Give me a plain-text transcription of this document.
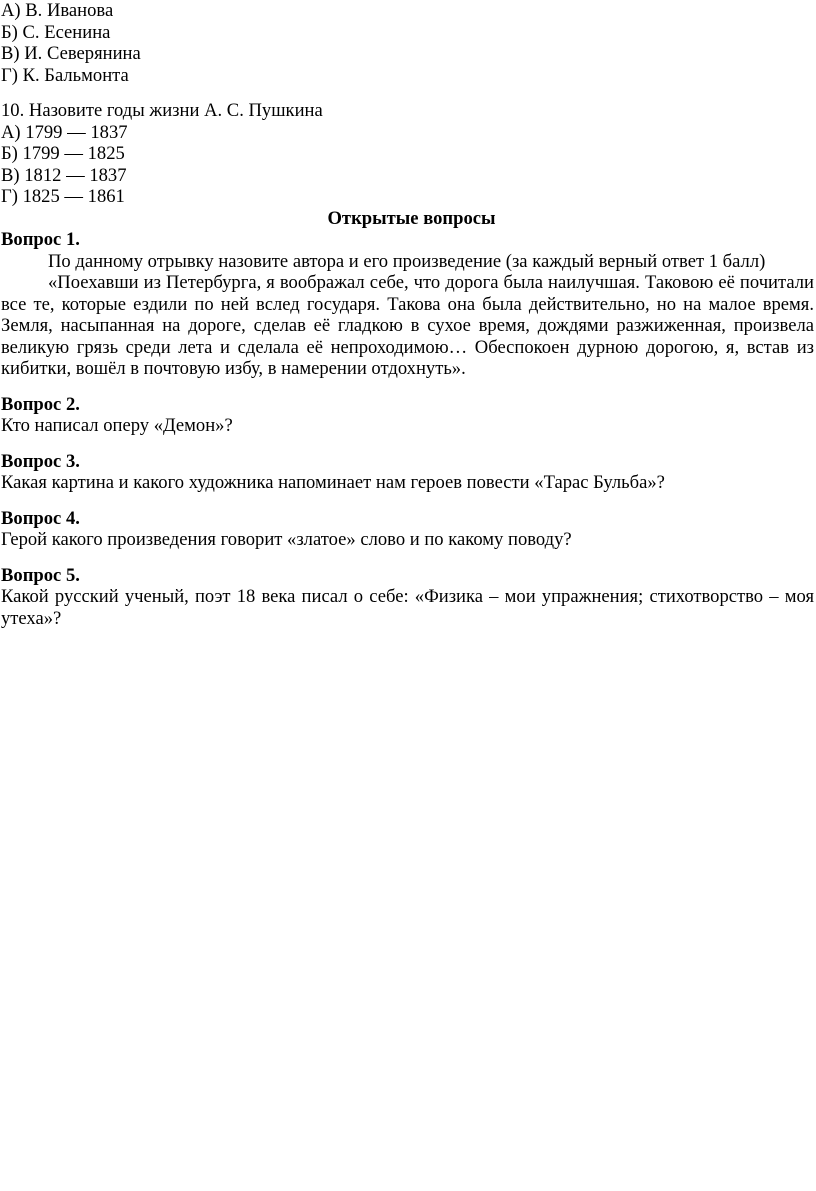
А) В. Иванова
Б) С. Есенина
В) И. Северянина
Г) К. Бальмонта
10. Назовите годы жизни А. С. Пушкина
А) 1799 — 1837
Б) 1799 — 1825
В) 1812 — 1837
Г) 1825 — 1861
Открытые вопросы
Вопрос 1.

По данному отрывку назовите автора и его произведение (за каждый верный ответ 1 балл)

«Поехавши из Петербурга, я воображал себе, что дорога была наилучшая. Таковою её почитали все те, которые ездили по ней вслед государя. Такова она была действительно, но на малое время. Земля, насыпанная на дороге, сделав её гладкою в сухое время, дождями разжиженная, произвела великую грязь среди лета и сделала её непроходимою… Обеспокоен дурною дорогою, я, встав из кибитки, вошёл в почтовую избу, в намерении отдохнуть».

Вопрос 2.

Кто написал оперу «Демон»?

Вопрос 3.

Какая картина и какого художника напоминает нам героев повести «Тарас Бульба»?

Вопрос 4.

Герой какого произведения говорит «златое» слово и по какому поводу?

Вопрос 5.

Какой русский ученый, поэт 18 века писал о себе: «Физика – мои упражнения; стихотворство – моя утеха»?
